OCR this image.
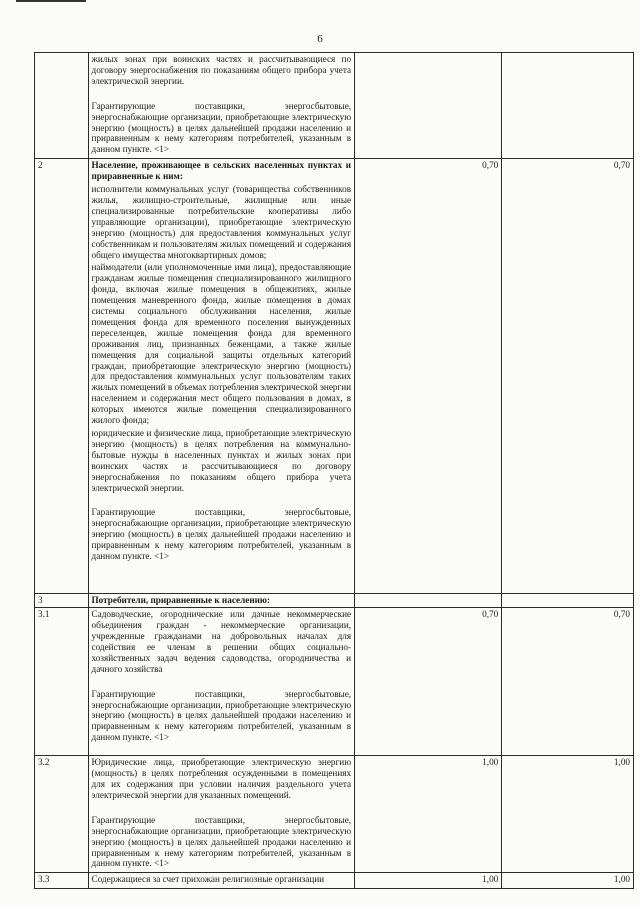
6

	жилых зонах при воинских частях и рассчитывающиеся по договору энергоснабжения по показаниям общего прибора учета электрической энергии.

Гарантирующие поставщики, энергосбытовые, энергоснабжающие организации, приобретающие электрическую энергию (мощность) в целях дальнейшей продажи населению и приравненным к нему категориям потребителей, указанным в данном пункте. <1>		

2	Население, проживающее в сельских населенных пунктах и приравненные к ним:

исполнители коммунальных услуг (товарищества собственников жилья, жилищно-строительные, жилищные или иные специализированные потребительские кооперативы либо управляющие организации), приобретающие электрическую энергию (мощность) для предоставления коммунальных услуг собственникам и пользователям жилых помещений и содержания общего имущества многоквартирных домов;

наймодатели (или уполномоченные ими лица), предоставляющие гражданам жилые помещения специализированного жилищного фонда, включая жилые помещения в общежитиях, жилые помещения маневренного фонда, жилые помещения в домах системы социального обслуживания населения, жилые помещения фонда для временного поселения вынужденных переселенцев, жилые помещения фонда для временного проживания лиц, признанных беженцами, а также жилые помещения для социальной защиты отдельных категорий граждан, приобретающие электрическую энергию (мощность) для предоставления коммунальных услуг пользователям таких жилых помещений в объемах потребления электрической энергии населением и содержания мест общего пользования в домах, в которых имеются жилые помещения специализированного жилого фонда;

юридические и физические лица, приобретающие электрическую энергию (мощность) в целях потребления на коммунально-бытовые нужды в населенных пунктах и жилых зонах при воинских частях и рассчитывающиеся по договору энергоснабжения по показаниям общего прибора учета электрической энергии.

Гарантирующие поставщики, энергосбытовые, энергоснабжающие организации, приобретающие электрическую энергию (мощность) в целях дальнейшей продажи населению и приравненным к нему категориям потребителей, указанным в данном пункте. <1>	0,70	0,70

3	Потребители, приравненные к населению:		

3.1	Садоводческие, огороднические или дачные некоммерческие объединения граждан - некоммерческие организации, учрежденные гражданами на добровольных началах для содействия ее членам в решении общих социально-хозяйственных задач ведения садоводства, огородничества и дачного хозяйства

Гарантирующие поставщики, энергосбытовые, энергоснабжающие организации, приобретающие электрическую энергию (мощность) в целях дальнейшей продажи населению и приравненным к нему категориям потребителей, указанным в данном пункте. <1>	0,70	0,70

3.2	Юридические лица, приобретающие электрическую энергию (мощность) в целях потребления осужденными в помещениях для их содержания при условии наличия раздельного учета электрической энергии для указанных помещений.

Гарантирующие поставщики, энергосбытовые, энергоснабжающие организации, приобретающие электрическую энергию (мощность) в целях дальнейшей продажи населению и приравненным к нему категориям потребителей, указанным в данном пункте. <1>	1,00	1,00

3.3	Содержащиеся за счет прихожан религиозные организации	1,00	1,00
